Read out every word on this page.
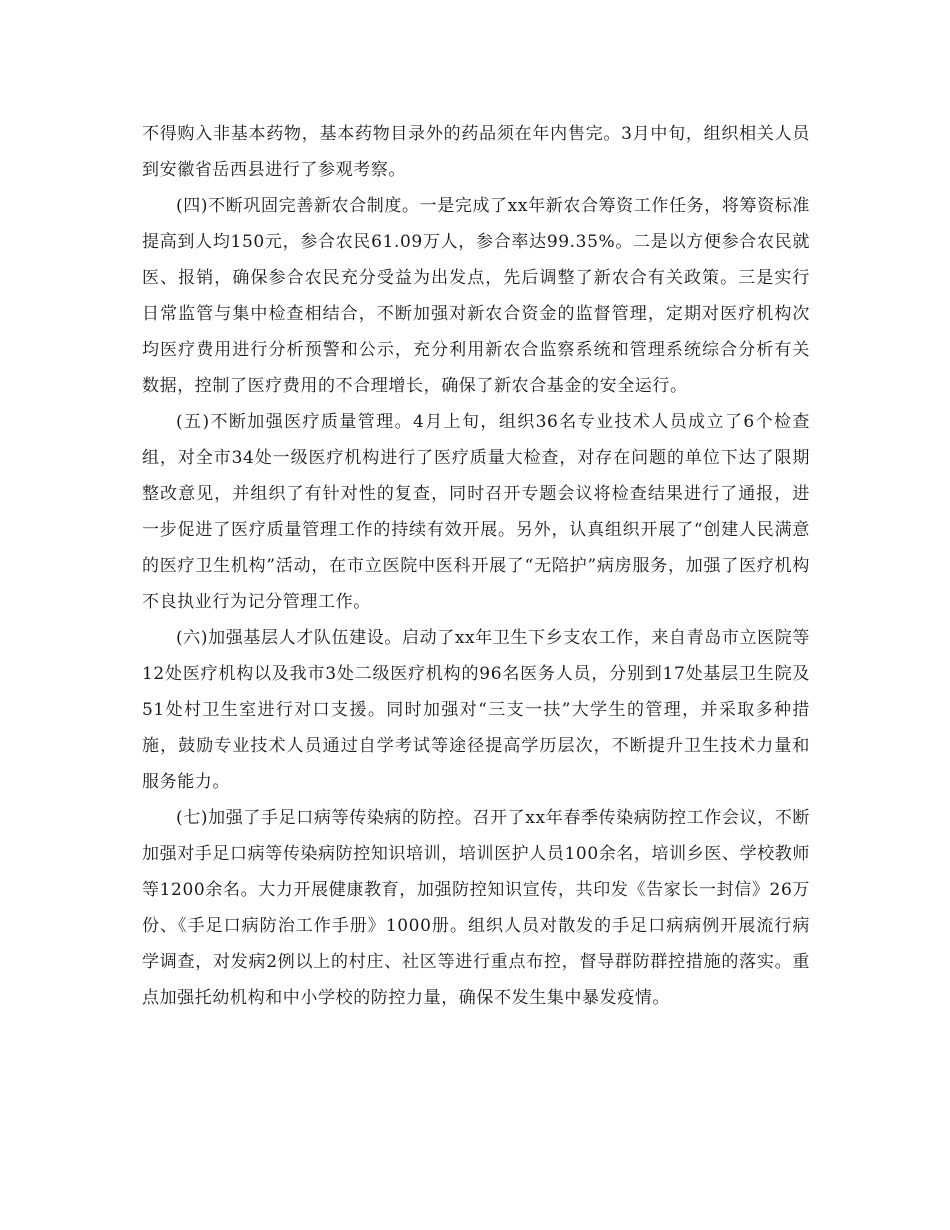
不得购入非基本药物，基本药物目录外的药品须在年内售完。3月中旬，组织相关人员到安徽省岳西县进行了参观考察。

(四)不断巩固完善新农合制度。一是完成了xx年新农合筹资工作任务，将筹资标准提高到人均150元，参合农民61.09万人，参合率达99.35%。二是以方便参合农民就医、报销，确保参合农民充分受益为出发点，先后调整了新农合有关政策。三是实行日常监管与集中检查相结合，不断加强对新农合资金的监督管理，定期对医疗机构次均医疗费用进行分析预警和公示，充分利用新农合监察系统和管理系统综合分析有关数据，控制了医疗费用的不合理增长，确保了新农合基金的安全运行。

(五)不断加强医疗质量管理。4月上旬，组织36名专业技术人员成立了6个检查组，对全市34处一级医疗机构进行了医疗质量大检查，对存在问题的单位下达了限期整改意见，并组织了有针对性的复查，同时召开专题会议将检查结果进行了通报，进一步促进了医疗质量管理工作的持续有效开展。另外，认真组织开展了“创建人民满意的医疗卫生机构”活动，在市立医院中医科开展了“无陪护”病房服务，加强了医疗机构不良执业行为记分管理工作。

(六)加强基层人才队伍建设。启动了xx年卫生下乡支农工作，来自青岛市立医院等12处医疗机构以及我市3处二级医疗机构的96名医务人员，分别到17处基层卫生院及51处村卫生室进行对口支援。同时加强对“三支一扶”大学生的管理，并采取多种措施，鼓励专业技术人员通过自学考试等途径提高学历层次，不断提升卫生技术力量和服务能力。

(七)加强了手足口病等传染病的防控。召开了xx年春季传染病防控工作会议，不断加强对手足口病等传染病防控知识培训，培训医护人员100余名，培训乡医、学校教师等1200余名。大力开展健康教育，加强防控知识宣传，共印发《告家长一封信》26万份、《手足口病防治工作手册》1000册。组织人员对散发的手足口病病例开展流行病学调查，对发病2例以上的村庄、社区等进行重点布控，督导群防群控措施的落实。重点加强托幼机构和中小学校的防控力量，确保不发生集中暴发疫情。
